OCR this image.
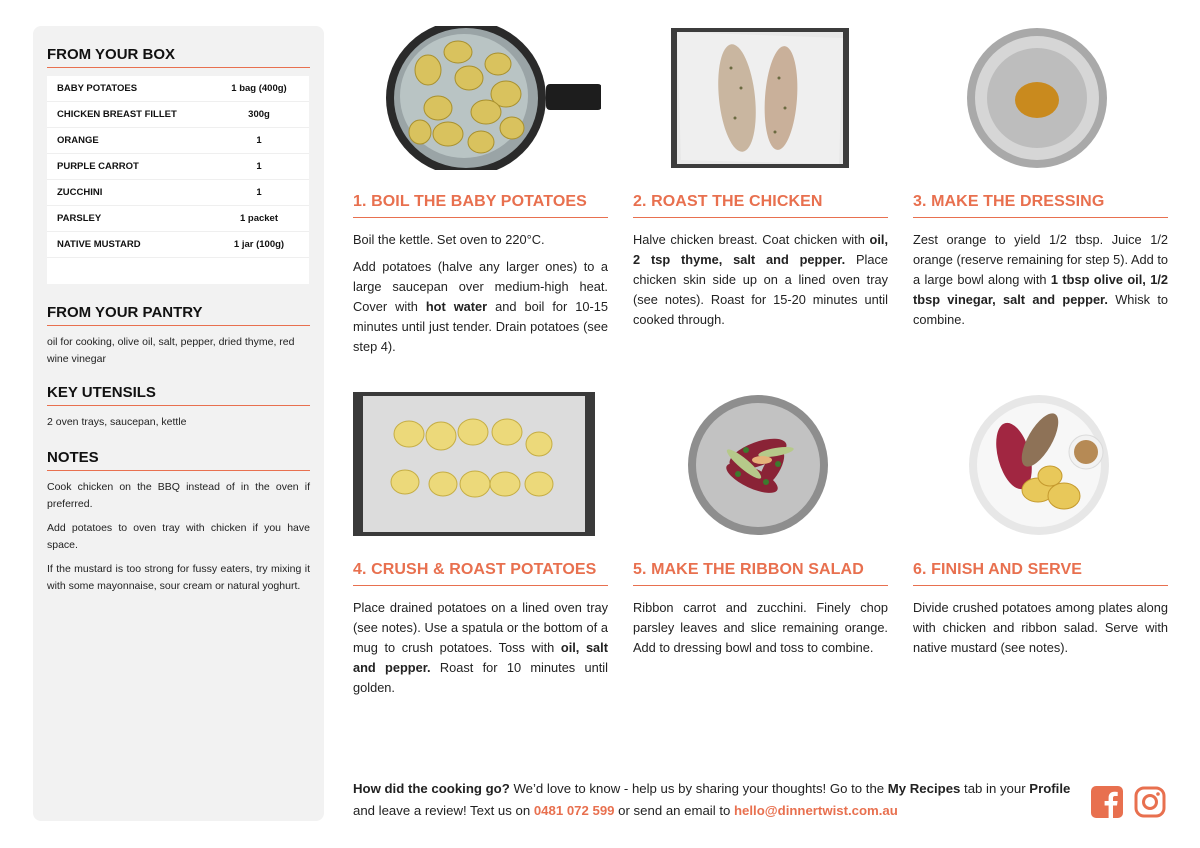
FROM YOUR BOX
BABY POTATOES	1 bag (400g)
CHICKEN BREAST FILLET	300g
ORANGE	1
PURPLE CARROT	1
ZUCCHINI	1
PARSLEY	1 packet
NATIVE MUSTARD	1 jar (100g)
FROM YOUR PANTRY
oil for cooking, olive oil, salt, pepper, dried thyme, red wine vinegar
KEY UTENSILS
2 oven trays, saucepan, kettle
NOTES

Cook chicken on the BBQ instead of in the oven if preferred.

Add potatoes to oven tray with chicken if you have space.

If the mustard is too strong for fussy eaters, try mixing it with some mayonnaise, sour cream or natural yoghurt.

1. BOIL THE BABY POTATOES

Boil the kettle. Set oven to 220°C.

Add potatoes (halve any larger ones) to a large saucepan over medium-high heat. Cover with hot water and boil for 10-15 minutes until just tender. Drain potatoes (see step 4).

2. ROAST THE CHICKEN

Halve chicken breast. Coat chicken with oil, 2 tsp thyme, salt and pepper. Place chicken skin side up on a lined oven tray (see notes). Roast for 15-20 minutes until cooked through.

3. MAKE THE DRESSING

Zest orange to yield 1/2 tbsp. Juice 1/2 orange (reserve remaining for step 5). Add to a large bowl along with 1 tbsp olive oil, 1/2 tbsp vinegar, salt and pepper. Whisk to combine.

4. CRUSH & ROAST POTATOES

Place drained potatoes on a lined oven tray (see notes). Use a spatula or the bottom of a mug to crush potatoes. Toss with oil, salt and pepper. Roast for 10 minutes until golden.

5. MAKE THE RIBBON SALAD

Ribbon carrot and zucchini. Finely chop parsley leaves and slice remaining orange. Add to dressing bowl and toss to combine.

6. FINISH AND SERVE

Divide crushed potatoes among plates along with chicken and ribbon salad. Serve with native mustard (see notes).

How did the cooking go? We’d love to know - help us by sharing your thoughts! Go to the My Recipes tab in your Profile and leave a review! Text us on 0481 072 599 or send an email to hello@dinnertwist.com.au
